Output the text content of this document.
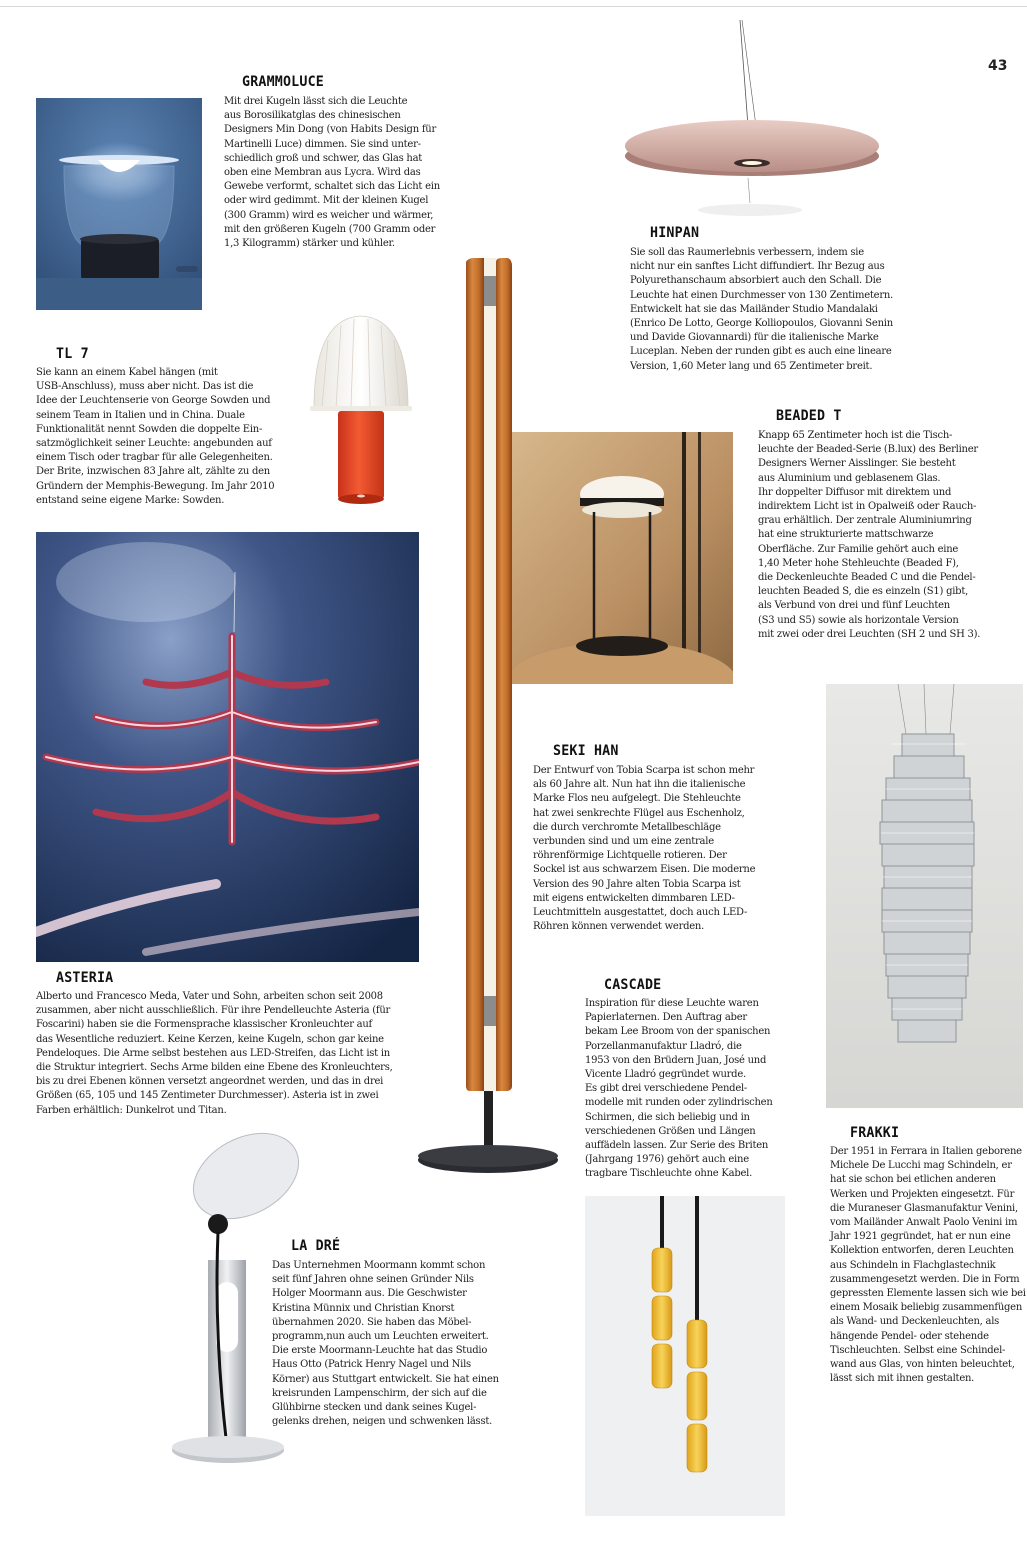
43
GRAMMOLUCE

Mit drei Kugeln lässt sich die Leuchte
aus Borosilikatglas des chinesischen
Designers Min Dong (von Habits Design für
Martinelli Luce) dimmen. Sie sind unter-
schiedlich groß und schwer, das Glas hat
oben eine Membran aus Lycra. Wird das
Gewebe verformt, schaltet sich das Licht ein
oder wird gedimmt. Mit der kleinen Kugel
(300 Gramm) wird es weicher und wärmer,
mit den größeren Kugeln (700 Gramm oder
1,3 Kilogramm) stärker und kühler.

HINPAN

Sie soll das Raumerlebnis verbessern, indem sie
nicht nur ein sanftes Licht diffundiert. Ihr Bezug aus
Polyurethanschaum absorbiert auch den Schall. Die
Leuchte hat einen Durchmesser von 130 Zentimetern.
Entwickelt hat sie das Mailänder Studio Mandalaki
(Enrico De Lotto, George Kolliopoulos, Giovanni Senin
und Davide Giovannardi) für die italienische Marke
Luceplan. Neben der runden gibt es auch eine lineare
Version, 1,60 Meter lang und 65 Zentimeter breit.

TL 7

Sie kann an einem Kabel hängen (mit
USB-Anschluss), muss aber nicht. Das ist die
Idee der Leuchtenserie von George Sowden und
seinem Team in Italien und in China. Duale
Funktionalität nennt Sowden die doppelte Ein-
satzmöglichkeit seiner Leuchte: angebunden auf
einem Tisch oder tragbar für alle Gelegenheiten.
Der Brite, inzwischen 83 Jahre alt, zählte zu den
Gründern der Memphis-Bewegung. Im Jahr 2010
entstand seine eigene Marke: Sowden.

BEADED T

Knapp 65 Zentimeter hoch ist die Tisch-
leuchte der Beaded-Serie (B.lux) des Berliner
Designers Werner Aisslinger. Sie besteht
aus Aluminium und geblasenem Glas.
Ihr doppelter Diffusor mit direktem und
indirektem Licht ist in Opalweiß oder Rauch-
grau erhältlich. Der zentrale Aluminiumring
hat eine strukturierte mattschwarze
Oberfläche. Zur Familie gehört auch eine
1,40 Meter hohe Stehleuchte (Beaded F),
die Deckenleuchte Beaded C und die Pendel-
leuchten Beaded S, die es einzeln (S1) gibt,
als Verbund von drei und fünf Leuchten
(S3 und S5) sowie als horizontale Version
mit zwei oder drei Leuchten (SH 2 und SH 3).

SEKI HAN

Der Entwurf von Tobia Scarpa ist schon mehr
als 60 Jahre alt. Nun hat ihn die italienische
Marke Flos neu aufgelegt. Die Stehleuchte
hat zwei senkrechte Flügel aus Eschenholz,
die durch verchromte Metallbeschläge
verbunden sind und um eine zentrale
röhrenförmige Lichtquelle rotieren. Der
Sockel ist aus schwarzem Eisen. Die moderne
Version des 90 Jahre alten Tobia Scarpa ist
mit eigens entwickelten dimmbaren LED-
Leuchtmitteln ausgestattet, doch auch LED-
Röhren können verwendet werden.

ASTERIA

Alberto und Francesco Meda, Vater und Sohn, arbeiten schon seit 2008
zusammen, aber nicht ausschließlich. Für ihre Pendelleuchte Asteria (für
Foscarini) haben sie die Formensprache klassischer Kronleuchter auf
das Wesentliche reduziert. Keine Kerzen, keine Kugeln, schon gar keine
Pendeloques. Die Arme selbst bestehen aus LED-Streifen, das Licht ist in
die Struktur integriert. Sechs Arme bilden eine Ebene des Kronleuchters,
bis zu drei Ebenen können versetzt angeordnet werden, und das in drei
Größen (65, 105 und 145 Zentimeter Durchmesser). Asteria ist in zwei
Farben erhältlich: Dunkelrot und Titan.

CASCADE

Inspiration für diese Leuchte waren
Papierlaternen. Den Auftrag aber
bekam Lee Broom von der spanischen
Porzellanmanufaktur Lladró, die
1953 von den Brüdern Juan, José und
Vicente Lladró gegründet wurde.
Es gibt drei verschiedene Pendel-
modelle mit runden oder zylindrischen
Schirmen, die sich beliebig und in
verschiedenen Größen und Längen
auffädeln lassen. Zur Serie des Briten
(Jahrgang 1976) gehört auch eine
tragbare Tischleuchte ohne Kabel.

FRAKKI

Der 1951 in Ferrara in Italien geborene
Michele De Lucchi mag Schindeln, er
hat sie schon bei etlichen anderen
Werken und Projekten eingesetzt. Für
die Muraneser Glasmanufaktur Venini,
vom Mailänder Anwalt Paolo Venini im
Jahr 1921 gegründet, hat er nun eine
Kollektion entworfen, deren Leuchten
aus Schindeln in Flachglastechnik
zusammengesetzt werden. Die in Form
gepressten Elemente lassen sich wie bei
einem Mosaik beliebig zusammenfügen
als Wand- und Deckenleuchten, als
hängende Pendel- oder stehende
Tischleuchten. Selbst eine Schindel-
wand aus Glas, von hinten beleuchtet,
lässt sich mit ihnen gestalten.

LA DRÉ

Das Unternehmen Moormann kommt schon
seit fünf Jahren ohne seinen Gründer Nils
Holger Moormann aus. Die Geschwister
Kristina Münnix und Christian Knorst
übernahmen 2020. Sie haben das Möbel-
programm,nun auch um Leuchten erweitert.
Die erste Moormann-Leuchte hat das Studio
Haus Otto (Patrick Henry Nagel und Nils
Körner) aus Stuttgart entwickelt. Sie hat einen
kreisrunden Lampenschirm, der sich auf die
Glühbirne stecken und dank seines Kugel-
gelenks drehen, neigen und schwenken lässt.
